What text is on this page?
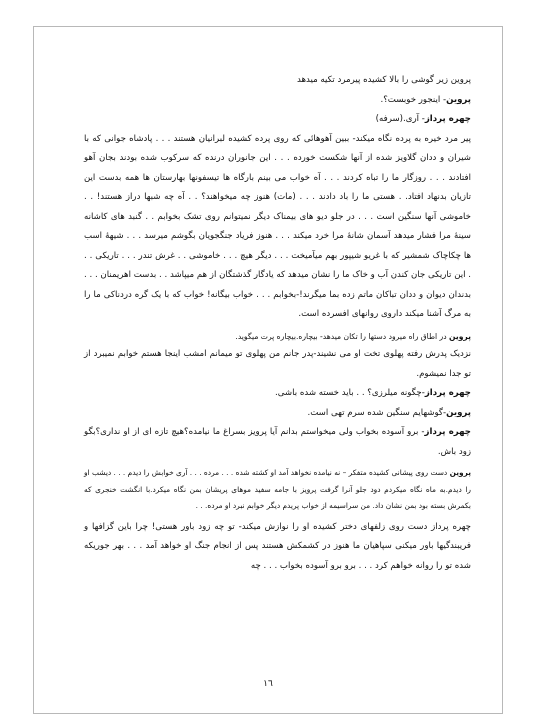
پروین زیر گوشی را بالا کشیده پیرمرد تکیه میدهد

پروین- اینجور خوبست؟.

چهره پرداز- آری.(سرفه)

پیر مرد خیره به پرده نگاه میکند- ببین آهوهائی که روی پرده کشیده لبرانیان هستند . . . پادشاه جوانی که با شیران و ددان گلاویز شده از آنها شکست خورده . . . این جانوران درنده که سرکوب شده بودند بجان آهو افتادند . . . روزگار ما را تباه کردند . . . آه خواب می بینم بارگاه ها تیسفونها بهارستان ها همه بدست این تازیان بدنهاد افتاد. . هستی ما را باد دادند . . . (مات) هنوز چه میخواهند؟ . . آه چه شبها دراز هستند! . . خاموشی آنها سنگین است . . . در جلو دیو های بیمناک دیگر نمیتوانم روی تشک بخوابم . . گنبد های کاشانه سینهٔ مرا فشار میدهد آسمان شانهٔ مرا خرد میکند . . . هنوز فریاد جنگجویان بگوشم میرسد . . . شیههٔ اسب ها چکاچاک شمشیر که با غریو شیپور بهم میآمیخت . . . دیگر هیچ . . . خاموشی . . غرش تندر . . . تاریکی . . . این تاریکی جان کندن آب و خاک ما را نشان میدهد که یادگار گذشتگان از هم میپاشد . . بدست اهریمنان . . . بدندان دیوان و ددان تباکان ماتم زده بما میگرند!-بخوابم . . . خواب بیگانه! خواب که با یک گره دردناکی ما را به مرگ آشنا میکند داروی روانهای افسرده است.

پروین در اطاق راه میرود دستها را تکان میدهد- بیچاره.بیچاره پرت میگوید.

نزدیک پدرش رفته پهلوی تخت او می نشیند-پدر جانم من پهلوی تو میمانم امشب اینجا هستم خوابم نمیبرد از تو جدا نمیشوم.

چهره پرداز-چگونه میلرزی؟ . . باید خسته شده باشی.

پروین-گوشهایم سنگین شده سرم تهی است.

چهره پرداز- برو آسوده بخواب ولی میخواستم بدانم آیا پرویز بسراغ ما نیامده؟هیچ تازه ای از او نداری؟بگو زود باش.

پروین دست روی پیشانی کشیده متفکر – نه نیامده نخواهد آمد او کشته شده . . . مرده . . . آری خوابش را دیدم . . . دیشب او را دیدم.به ماه نگاه میکردم دود جلو آنرا گرفت پرویز با جامه سفید موهای پریشان بمن نگاه میکرد.با انگشت خنجری که بکمرش بسته بود بمن نشان داد. من سراسیمه از خواب پریدم دیگر خوابم نبرد او مرده. . .

چهره پرداز دست روی زلفهای دختر کشیده او را نوازش میکند- تو چه زود باور هستی! چرا باین گزافها و فریبندگیها باور میکنی سپاهیان ما هنوز در کشمکش هستند پس از انجام جنگ او خواهد آمد . . . بهر جوریکه شده تو را روانه خواهم کرد . . . برو برو آسوده بخواب . . . چه

١٦
